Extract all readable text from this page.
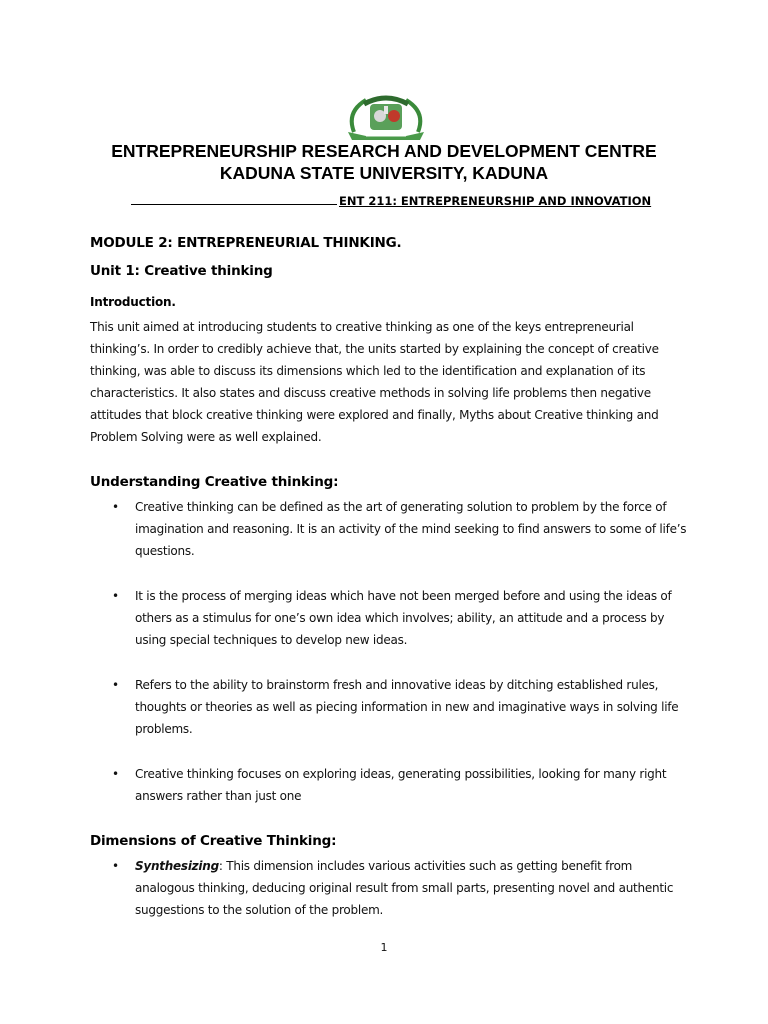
ENTREPRENEURSHIP RESEARCH AND DEVELOPMENT CENTRE
KADUNA STATE UNIVERSITY, KADUNA
ENT 211: ENTREPRENEURSHIP AND INNOVATION
MODULE 2: ENTREPRENEURIAL THINKING.
Unit 1: Creative thinking
Introduction.
This unit aimed at introducing students to creative thinking as one of the keys entrepreneurial thinking’s. In order to credibly achieve that, the units started by explaining the concept of creative thinking, was able to discuss its dimensions which led to the identification and explanation of its characteristics. It also states and discuss creative methods in solving life problems then negative attitudes that block creative thinking were explored and finally, Myths about Creative thinking and Problem Solving were as well explained.
Understanding Creative thinking:
• Creative thinking can be defined as the art of generating solution to problem by the force of imagination and reasoning. It is an activity of the mind seeking to find answers to some of life’s questions.
• It is the process of merging ideas which have not been merged before and using the ideas of others as a stimulus for one’s own idea which involves; ability, an attitude and a process by using special techniques to develop new ideas.
• Refers to the ability to brainstorm fresh and innovative ideas by ditching established rules, thoughts or theories as well as piecing information in new and imaginative ways in solving life problems.
• Creative thinking focuses on exploring ideas, generating possibilities, looking for many right answers rather than just one
Dimensions of Creative Thinking:
• Synthesizing: This dimension includes various activities such as getting benefit from analogous thinking, deducing original result from small parts, presenting novel and authentic suggestions to the solution of the problem.
1
